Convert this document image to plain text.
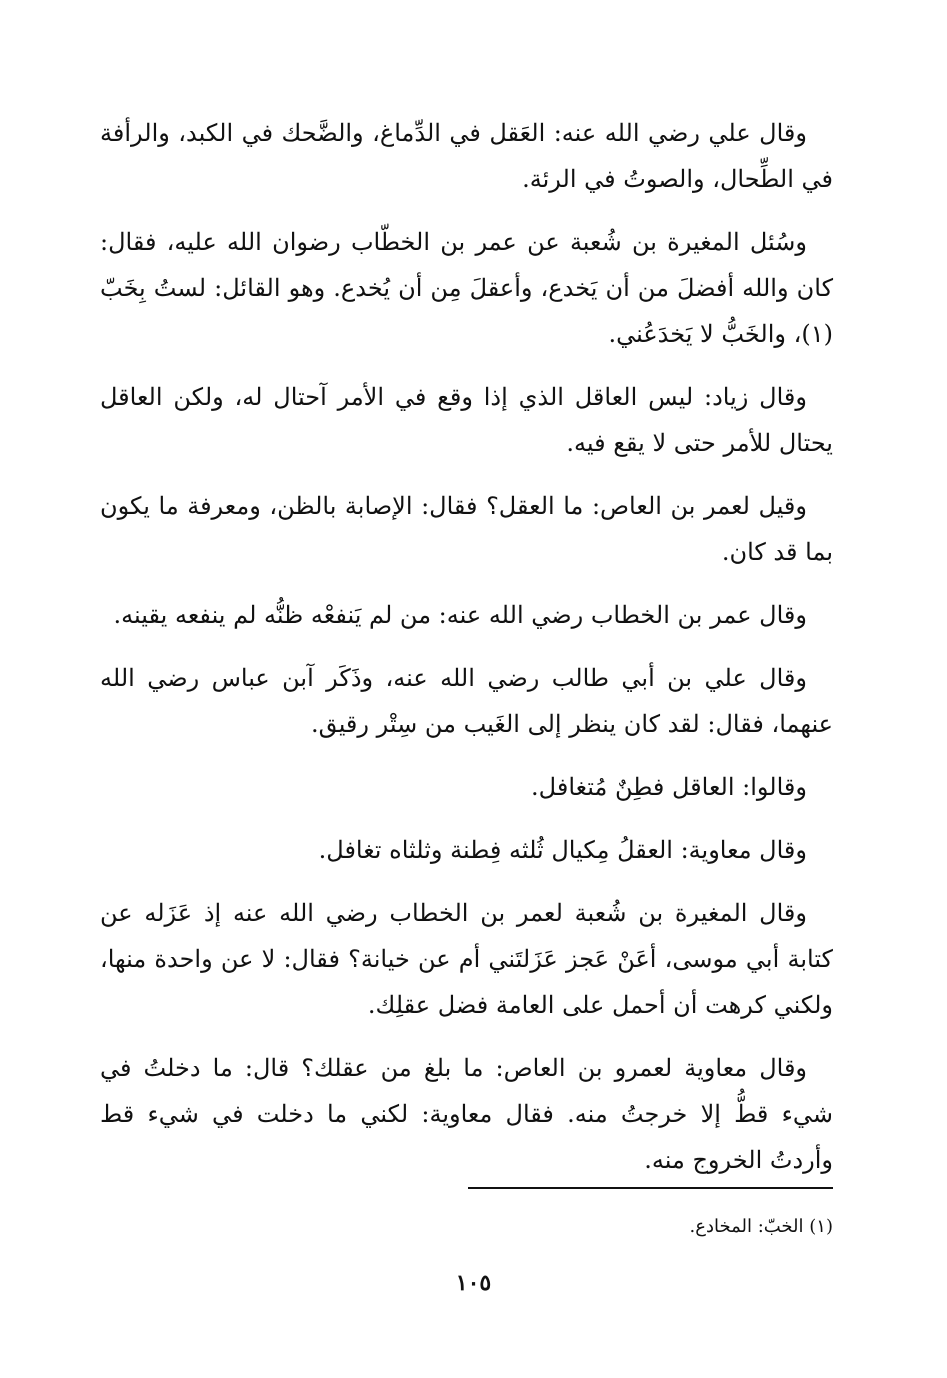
وقال علي رضي الله عنه: العَقل في الدِّماغ، والضَّحك في الكبد، والرأفة في الطِّحال، والصوتُ في الرئة.

وسُئل المغيرة بن شُعبة عن عمر بن الخطّاب رضوان الله عليه، فقال: كان والله أفضلَ من أن يَخدع، وأعقلَ مِن أن يُخدع. وهو القائل: لستُ بِخَبّ (١)، والخَبُّ لا يَخدَعُني.

وقال زياد: ليس العاقل الذي إذا وقع في الأمر آحتال له، ولكن العاقل يحتال للأمر حتى لا يقع فيه.

وقيل لعمر بن العاص: ما العقل؟ فقال: الإصابة بالظن، ومعرفة ما يكون بما قد كان.

وقال عمر بن الخطاب رضي الله عنه: من لم يَنفعْه ظنُّه لم ينفعه يقينه.

وقال علي بن أبي طالب رضي الله عنه، وذَكَر آبن عباس رضي الله عنهما، فقال: لقد كان ينظر إلى الغَيب من سِتْر رقيق.

وقالوا: العاقل فطِنٌ مُتغافل.

وقال معاوية: العقلُ مِكيال ثُلثه فِطنة وثلثاه تغافل.

وقال المغيرة بن شُعبة لعمر بن الخطاب رضي الله عنه إذ عَزَله عن كتابة أبي موسى، أعَنْ عَجز عَزَلتَني أم عن خيانة؟ فقال: لا عن واحدة منها، ولكني كرهت أن أحمل على العامة فضل عقلِك.

وقال معاوية لعمرو بن العاص: ما بلغ من عقلك؟ قال: ما دخلتُ في شيء قطُّ إلا خرجتُ منه. فقال معاوية: لكني ما دخلت في شيء قط وأردتُ الخروج منه.

(١) الخبّ: المخادع.
١٠٥
